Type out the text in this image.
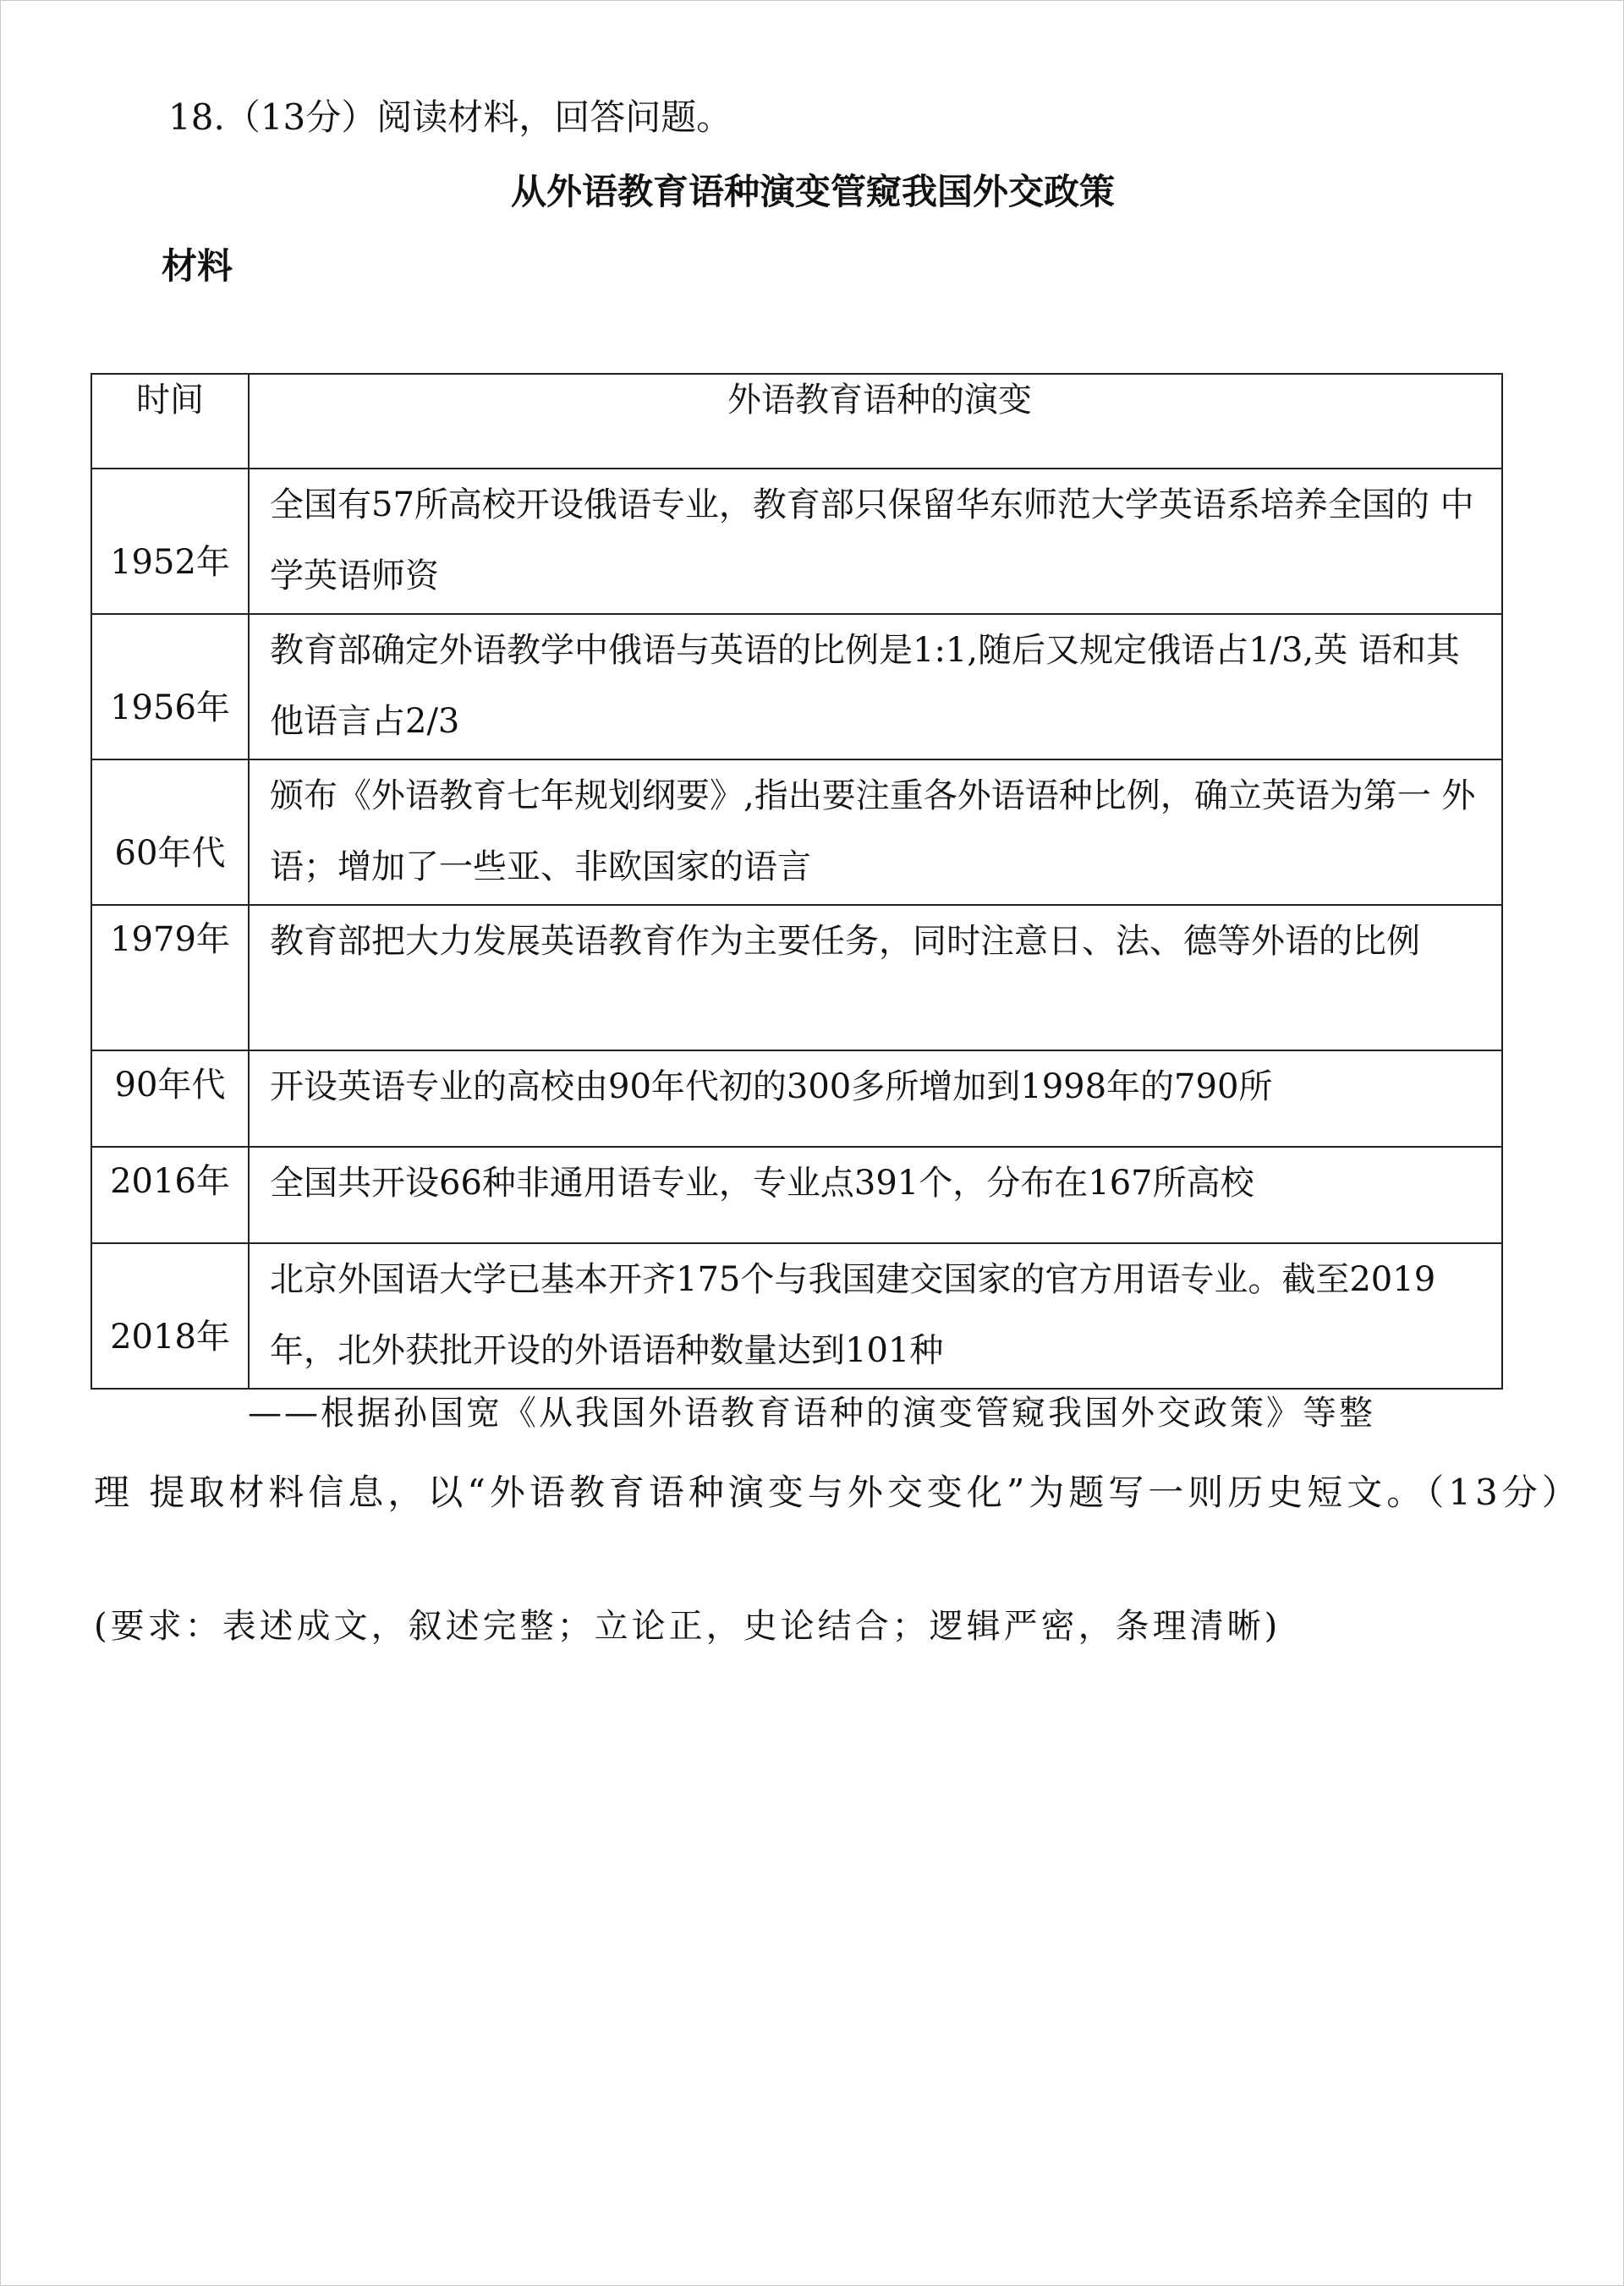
18.（13分）阅读材料，回答问题。
从外语教育语种演变管窥我国外交政策
材料
时间	外语教育语种的演变
1952年	全国有57所高校开设俄语专业，教育部只保留华东师范大学英语系培养全国的 中学英语师资
1956年	教育部确定外语教学中俄语与英语的比例是1:1,随后又规定俄语占1/3,英 语和其他语言占2/3
60年代	颁布《外语教育七年规划纲要》,指出要注重各外语语种比例，确立英语为第一 外语；增加了一些亚、非欧国家的语言
1979年	教育部把大力发展英语教育作为主要任务，同时注意日、法、德等外语的比例
90年代	开设英语专业的高校由90年代初的300多所增加到1998年的790所
2016年	全国共开设66种非通用语专业，专业点391个，分布在167所高校
2018年	北京外国语大学已基本开齐175个与我国建交国家的官方用语专业。截至2019 年，北外获批开设的外语语种数量达到101种
——根据孙国宽《从我国外语教育语种的演变管窥我国外交政策》等整
理 提取材料信息，以“外语教育语种演变与外交变化”为题写一则历史短文。（13分）
(要求：表述成文，叙述完整；立论正，史论结合；逻辑严密，条理清晰)
